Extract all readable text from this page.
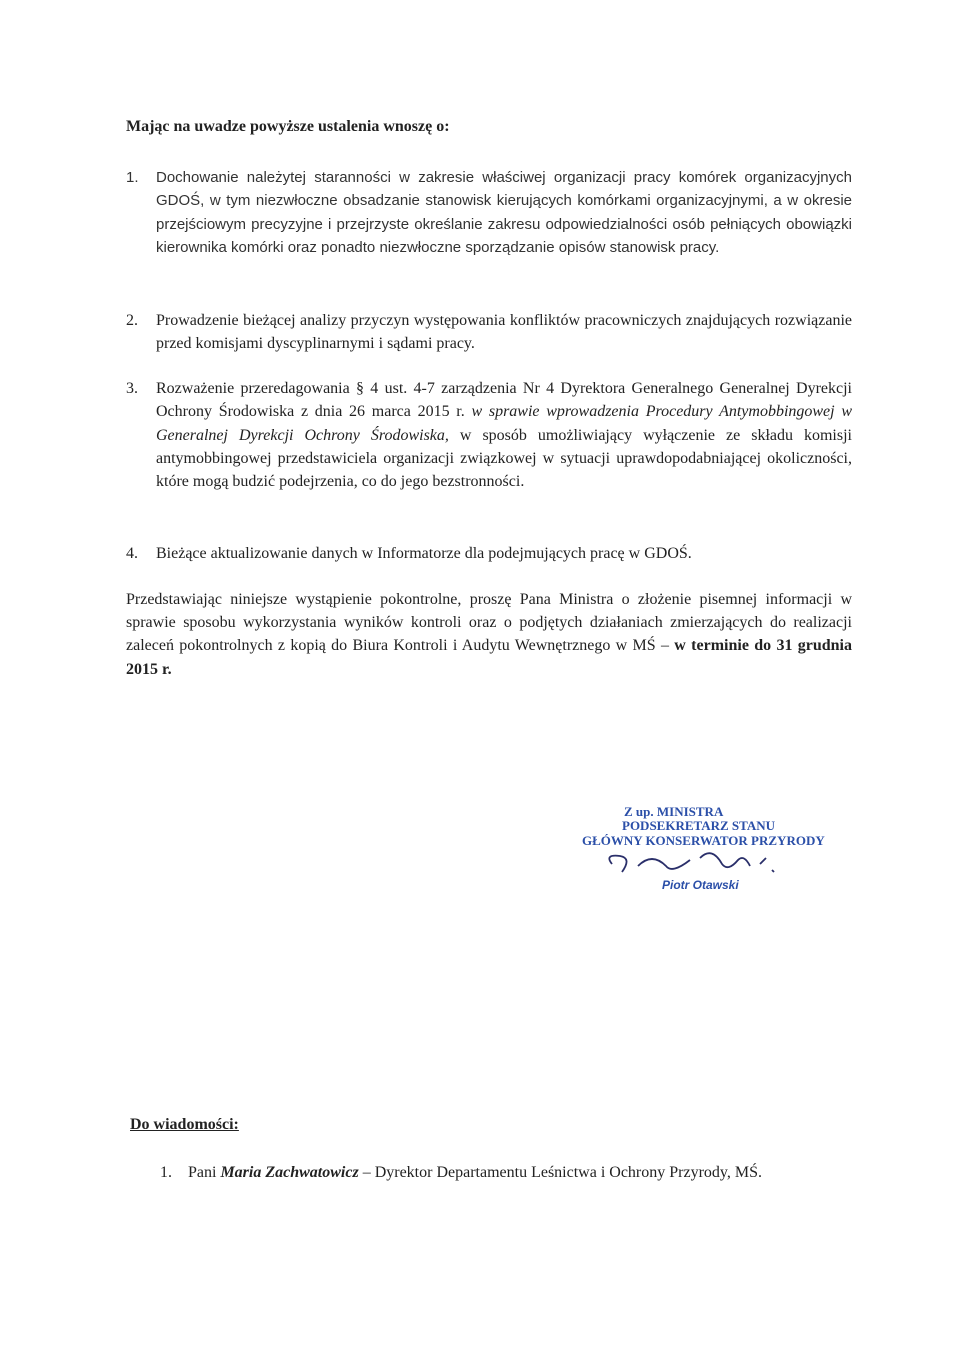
Mając na uwadze powyższe ustalenia wnoszę o:

1.	Dochowanie należytej staranności w zakresie właściwej organizacji pracy komórek organizacyjnych GDOŚ, w tym niezwłoczne obsadzanie stanowisk kierujących komórkami organizacyjnymi, a w okresie przejściowym precyzyjne i przejrzyste określanie zakresu odpowiedzialności osób pełniących obowiązki kierownika komórki oraz ponadto niezwłoczne sporządzanie opisów stanowisk pracy.
2.	Prowadzenie bieżącej analizy przyczyn występowania konfliktów pracowniczych znajdujących rozwiązanie przed komisjami dyscyplinarnymi i sądami pracy.
3.	Rozważenie przeredagowania § 4 ust. 4-7 zarządzenia Nr 4 Dyrektora Generalnego Generalnej Dyrekcji Ochrony Środowiska z dnia 26 marca 2015 r. w sprawie wprowadzenia Procedury Antymobbingowej w Generalnej Dyrekcji Ochrony Środowiska, w sposób umożliwiający wyłączenie ze składu komisji antymobbingowej przedstawiciela organizacji związkowej w sytuacji uprawdopodabniającej okoliczności, które mogą budzić podejrzenia, co do jego bezstronności.
4.	Bieżące aktualizowanie danych w Informatorze dla podejmujących pracę w GDOŚ.

Przedstawiając niniejsze wystąpienie pokontrolne, proszę Pana Ministra o złożenie pisemnej informacji w sprawie sposobu wykorzystania wyników kontroli oraz o podjętych działaniach zmierzających do realizacji zaleceń pokontrolnych z kopią do Biura Kontroli i Audytu Wewnętrznego w MŚ – w terminie do 31 grudnia 2015 r.

Z up. MINISTRA
PODSEKRETARZ STANU
GŁÓWNY KONSERWATOR PRZYRODY
Piotr Otawski

Do wiadomości:

1.	Pani Maria Zachwatowicz – Dyrektor Departamentu Leśnictwa i Ochrony Przyrody, MŚ.
